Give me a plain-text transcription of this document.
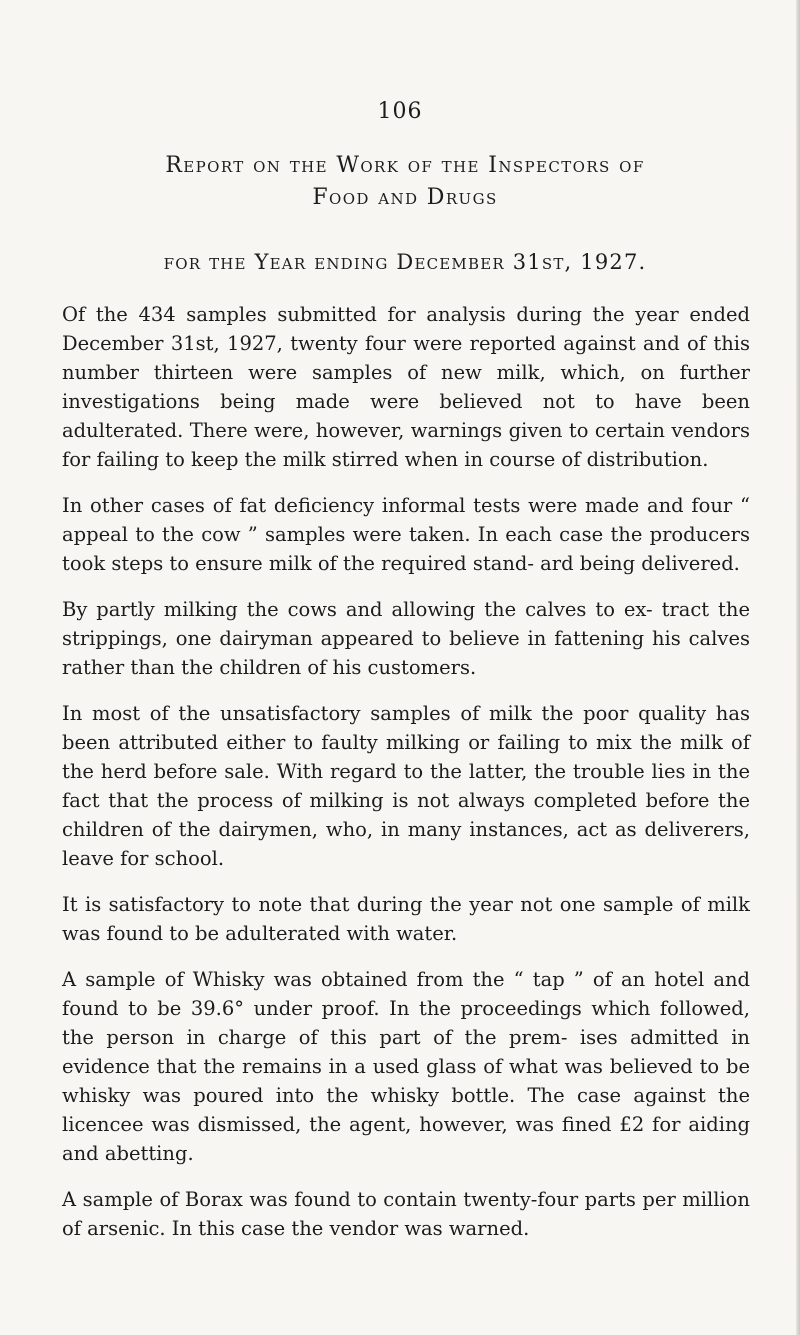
106
Report on the Work of the Inspectors of
Food and Drugs
for the Year ending December 31st, 1927.

Of the 434 samples submitted for analysis during the year ended December 31st, 1927, twenty four were reported against and of this number thirteen were samples of new milk, which, on further investigations being made were believed not to have been adulterated. There were, however, warnings given to certain vendors for failing to keep the milk stirred when in course of distribution.

In other cases of fat deficiency informal tests were made and four “ appeal to the cow ” samples were taken. In each case the producers took steps to ensure milk of the required stand- ard being delivered.

By partly milking the cows and allowing the calves to ex- tract the strippings, one dairyman appeared to believe in fattening his calves rather than the children of his customers.

In most of the unsatisfactory samples of milk the poor quality has been attributed either to faulty milking or failing to mix the milk of the herd before sale. With regard to the latter, the trouble lies in the fact that the process of milking is not always completed before the children of the dairymen, who, in many instances, act as deliverers, leave for school.

It is satisfactory to note that during the year not one sample of milk was found to be adulterated with water.

A sample of Whisky was obtained from the “ tap ” of an hotel and found to be 39.6° under proof. In the proceedings which followed, the person in charge of this part of the prem- ises admitted in evidence that the remains in a used glass of what was believed to be whisky was poured into the whisky bottle. The case against the licencee was dismissed, the agent, however, was fined £2 for aiding and abetting.

A sample of Borax was found to contain twenty-four parts per million of arsenic. In this case the vendor was warned.
